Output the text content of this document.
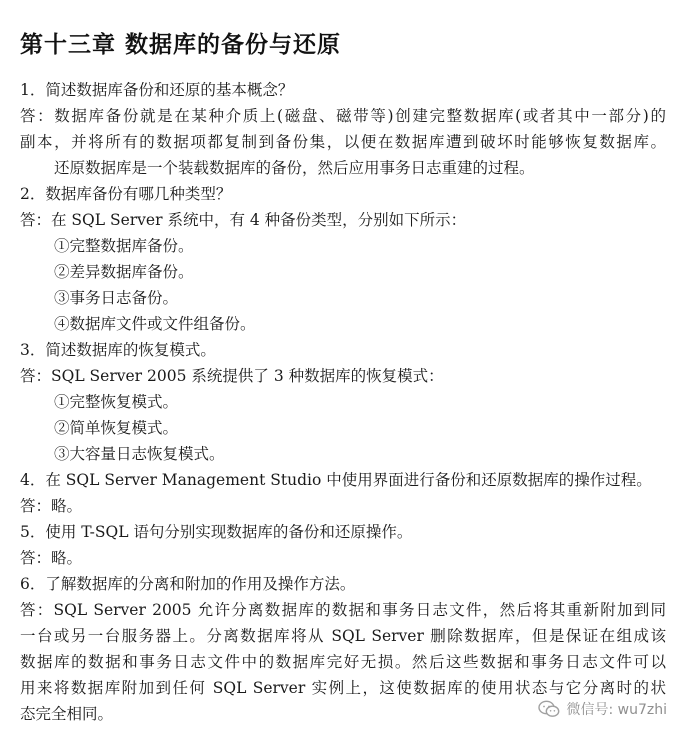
第十三章 数据库的备份与还原
1．简述数据库备份和还原的基本概念？
答：数据库备份就是在某种介质上(磁盘、磁带等)创建完整数据库(或者其中一部分)的
副本，并将所有的数据项都复制到备份集，以便在数据库遭到破坏时能够恢复数据库。
还原数据库是一个装载数据库的备份，然后应用事务日志重建的过程。
2．数据库备份有哪几种类型？
答：在 SQL Server 系统中，有 4 种备份类型，分别如下所示：
①完整数据库备份。
②差异数据库备份。
③事务日志备份。
④数据库文件或文件组备份。
3．简述数据库的恢复模式。
答：SQL Server 2005 系统提供了 3 种数据库的恢复模式：
①完整恢复模式。
②简单恢复模式。
③大容量日志恢复模式。
4．在 SQL Server Management Studio 中使用界面进行备份和还原数据库的操作过程。
答：略。
5．使用 T-SQL 语句分别实现数据库的备份和还原操作。
答：略。
6．了解数据库的分离和附加的作用及操作方法。
答：SQL Server 2005 允许分离数据库的数据和事务日志文件，然后将其重新附加到同
一台或另一台服务器上。分离数据库将从 SQL Server 删除数据库，但是保证在组成该
数据库的数据和事务日志文件中的数据库完好无损。然后这些数据和事务日志文件可以
用来将数据库附加到任何 SQL Server 实例上，这使数据库的使用状态与它分离时的状
态完全相同。	微信号: wu7zhi
